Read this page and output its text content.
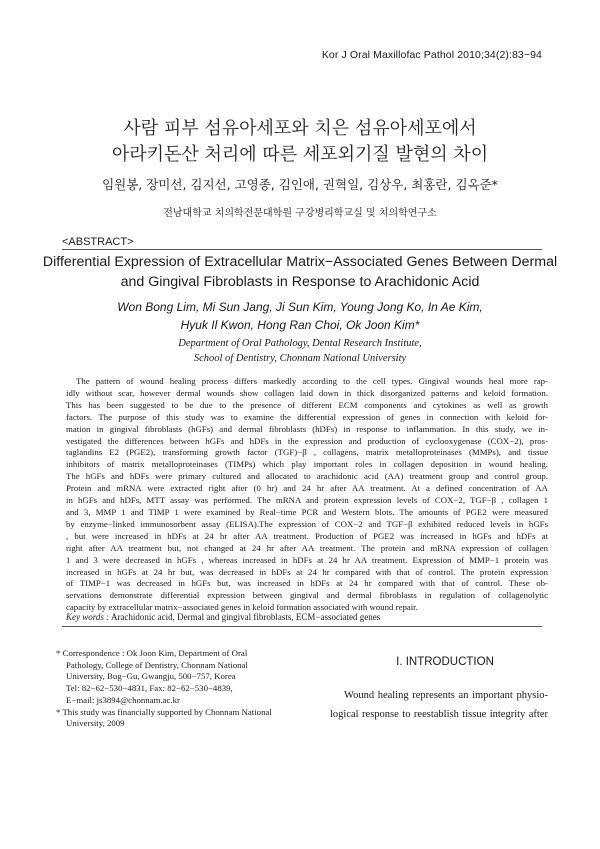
Kor J Oral Maxillofac Pathol 2010;34(2):83−94
사람 피부 섬유아세포와 치은 섬유아세포에서
아라키돈산 처리에 따른 세포외기질 발현의 차이
임원봉, 장미선, 김지선, 고영종, 김인애, 권혁일, 김상우, 최홍란, 김옥준*
전남대학교 치의학전문대학원 구강병리학교실 및 치의학연구소
<ABSTRACT>
Differential Expression of Extracellular Matrix−Associated Genes Between Dermal
and Gingival Fibroblasts in Response to Arachidonic Acid
Won Bong Lim, Mi Sun Jang, Ji Sun Kim, Young Jong Ko, In Ae Kim,
Hyuk Il Kwon, Hong Ran Choi, Ok Joon Kim*
Department of Oral Pathology, Dental Research Institute,
School of Dentistry, Chonnam National University
The pattern of wound healing process differs markedly according to the cell types. Gingival wounds heal more rap-
idly without scar, however dermal wounds show collagen laid down in thick disorganized patterns and keloid formation.
This has been suggested to be due to the presence of different ECM components and cytokines as well as growth
factors. The purpose of this study was to examine the differential expression of genes in connection with keloid for-
mation in gingival fibroblasts (hGFs) and dermal fibroblasts (hDFs) in response to inflammation. In this study, we in-
vestigated the differences between hGFs and hDFs in the expression and production of cyclooxygenase (COX−2), pros-
taglandins E2 (PGE2), transforming growth factor (TGF)−β , collagens, matrix metalloproteinases (MMPs), and tissue
inhibitors of matrix metalloproteinases (TIMPs) which play important roles in collagen deposition in wound healing.
The hGFs and hDFs were primary cultured and allocated to arachidonic acid (AA) treatment group and control group.
Protein and mRNA were extracted right after (0 hr) and 24 hr after AA treatment. At a defined concentration of AA
in hGFs and hDFs, MTT assay was performed. The mRNA and protein expression levels of COX−2, TGF−β , collagen 1
and 3, MMP 1 and TIMP 1 were examined by Real−time PCR and Western blots. The amounts of PGE2 were measured
by enzyme−linked immunosorbent assay (ELISA).The expression of COX−2 and TGF−β exhibited reduced levels in hGFs
, but were increased in hDFs at 24 hr after AA treatment. Production of PGE2 was increased in hGFs and hDFs at
right after AA treatment but, not changed at 24 hr after AA treatment. The protein and mRNA expression of collagen
1 and 3 were decreased in hGFs , whereas increased in hDFs at 24 hr AA treatment. Expression of MMP−1 protein was
increased in hGFs at 24 hr but, was decreased in hDFs at 24 hr compared with that of control. The protein expression
of TIMP−1 was decreased in hGFs but, was increased in hDFs at 24 hr compared with that of control. These ob-
servations demonstrate differential expression between gingival and dermal fibroblasts in regulation of collagenolytic
capacity by extracellular matrix−associated genes in keloid formation associated with wound repair.
Key words : Arachidonic acid, Dermal and gingival fibroblasts, ECM−associated genes
* Correspondence : Ok Joon Kim, Department of Oral
Pathology, College of Dentistry, Chonnam National
University, Bug−Gu, Gwangju, 500−757, Korea
Tel: 82−62−530−4831, Fax: 82−62−530−4839,
E−mail: js3894@chonnam.ac.kr
* This study was financially supported by Chonnam National
University, 2009
I. INTRODUCTION
Wound healing represents an important physio-
logical response to reestablish tissue integrity after
